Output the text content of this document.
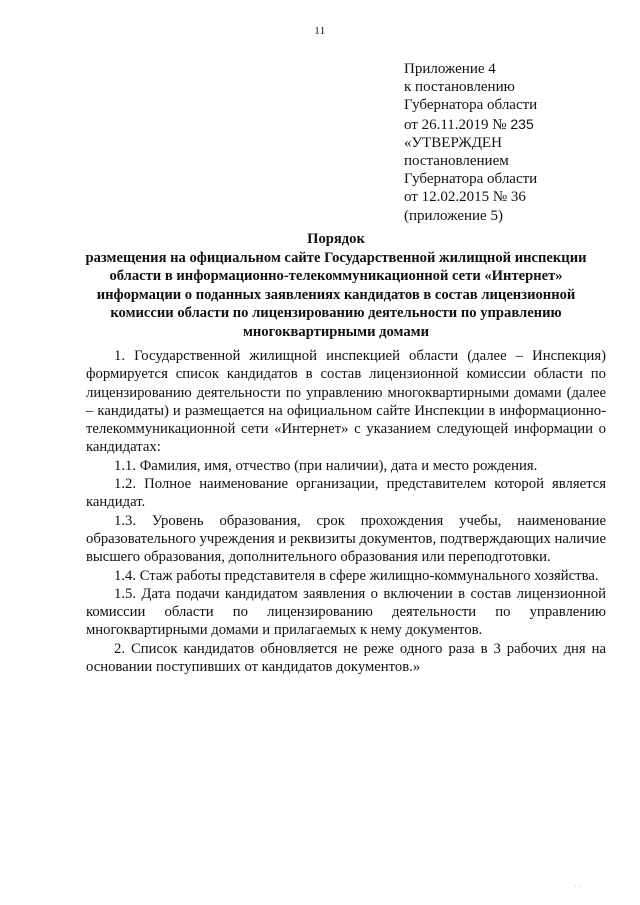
11
Приложение 4
к постановлению
Губернатора области
от 26.11.2019 № 235
«УТВЕРЖДЕН
постановлением
Губернатора области
от 12.02.2015 № 36
(приложение 5)
Порядок
размещения на официальном сайте Государственной жилищной инспекции
области в информационно-телекоммуникационной сети «Интернет»
информации о поданных заявлениях кандидатов в состав лицензионной
комиссии области по лицензированию деятельности по управлению
многоквартирными домами

1. Государственной жилищной инспекцией области (далее – Инспекция) формируется список кандидатов в состав лицензионной комиссии области по лицензированию деятельности по управлению многоквартирными домами (далее – кандидаты) и размещается на официальном сайте Инспекции в информационно-телекоммуникационной сети «Интернет» с указанием следующей информации о кандидатах:

1.1. Фамилия, имя, отчество (при наличии), дата и место рождения.

1.2. Полное наименование организации, представителем которой является кандидат.

1.3. Уровень образования, срок прохождения учебы, наименование образовательного учреждения и реквизиты документов, подтверждающих наличие высшего образования, дополнительного образования или переподготовки.

1.4. Стаж работы представителя в сфере жилищно-коммунального хозяйства.

1.5. Дата подачи кандидатом заявления о включении в состав лицензионной комиссии области по лицензированию деятельности по управлению многоквартирными домами и прилагаемых к нему документов.

2. Список кандидатов обновляется не реже одного раза в 3 рабочих дня на основании поступивших от кандидатов документов.»

· ·
